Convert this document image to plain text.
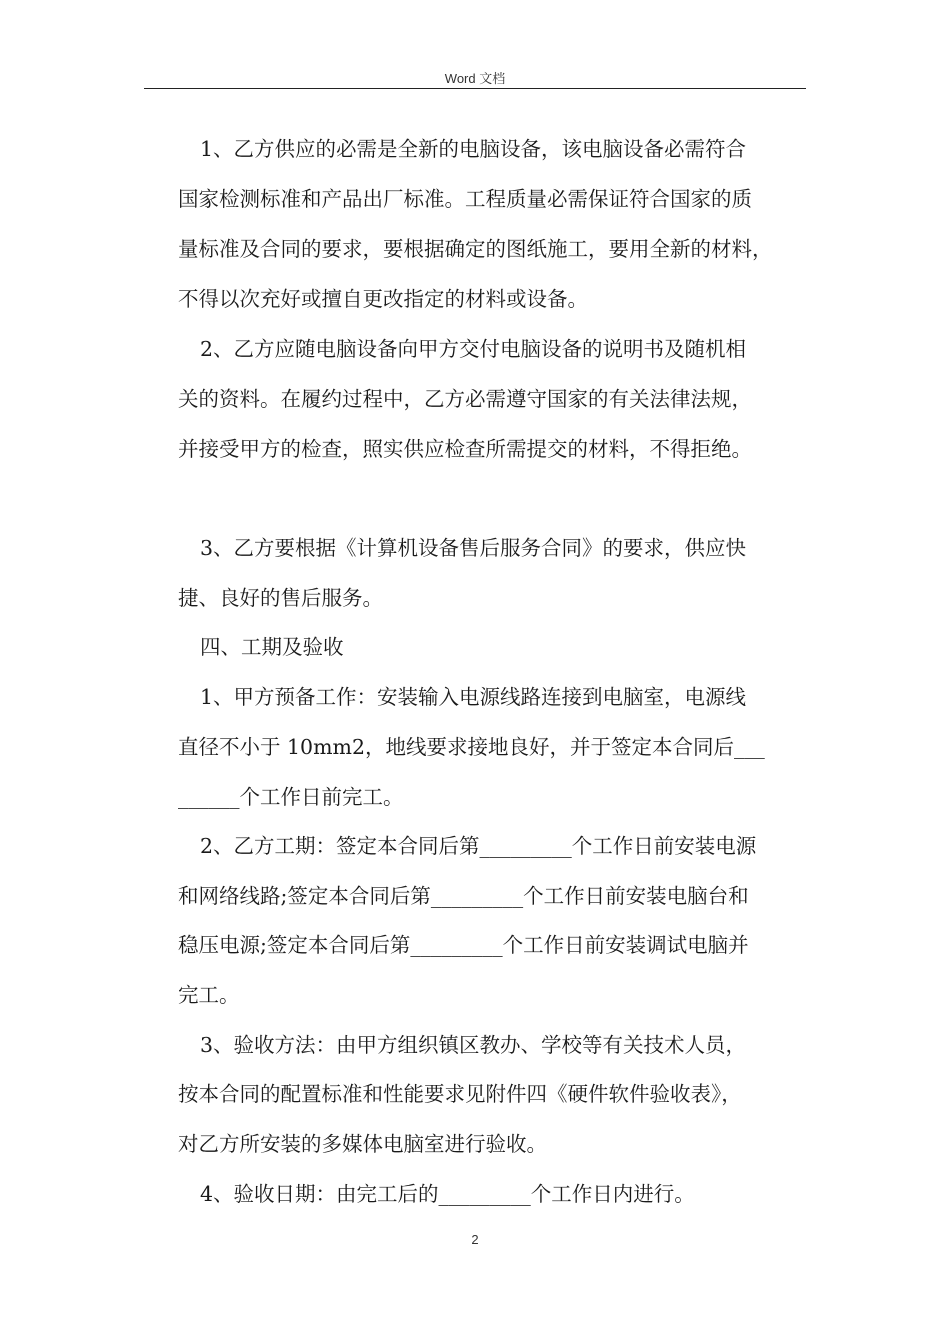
Word 文档
1、乙方供应的必需是全新的电脑设备，该电脑设备必需符合
国家检测标准和产品出厂标准。工程质量必需保证符合国家的质
量标准及合同的要求，要根据确定的图纸施工，要用全新的材料，
不得以次充好或擅自更改指定的材料或设备。
2、乙方应随电脑设备向甲方交付电脑设备的说明书及随机相
关的资料。在履约过程中，乙方必需遵守国家的有关法律法规，
并接受甲方的检查，照实供应检查所需提交的材料，不得拒绝。
3、乙方要根据《计算机设备售后服务合同》的要求，供应快
捷、良好的售后服务。
四、工期及验收
1、甲方预备工作：安装输入电源线路连接到电脑室，电源线
直径不小于 10mm2，地线要求接地良好，并于签定本合同后___
______个工作日前完工。
2、乙方工期：签定本合同后第_________个工作日前安装电源
和网络线路;签定本合同后第_________个工作日前安装电脑台和
稳压电源;签定本合同后第_________个工作日前安装调试电脑并
完工。
3、验收方法：由甲方组织镇区教办、学校等有关技术人员，
按本合同的配置标准和性能要求见附件四《硬件软件验收表》，
对乙方所安装的多媒体电脑室进行验收。
4、验收日期：由完工后的_________个工作日内进行。
2
